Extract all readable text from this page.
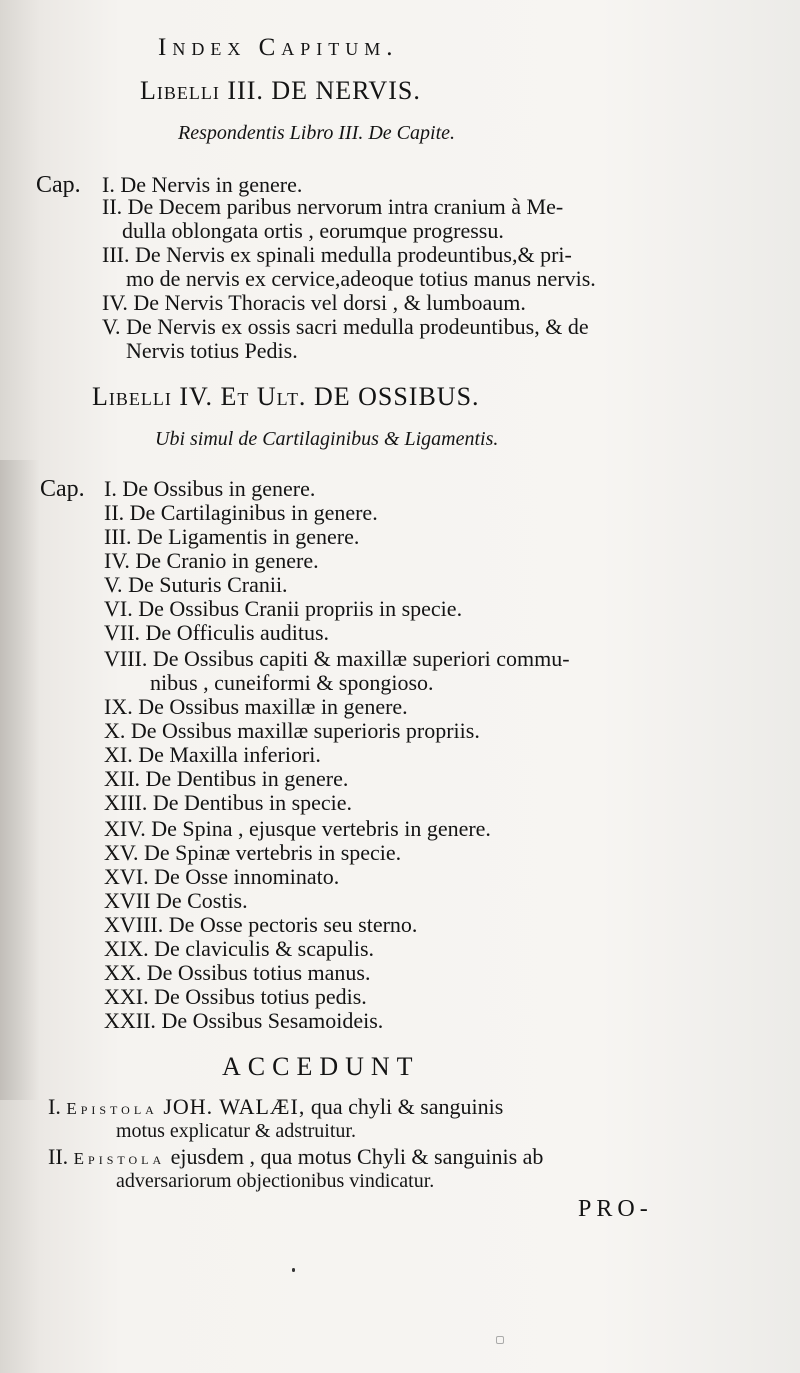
Index Capitum.
Libelli III. DE NERVIS.
Respondentis Libro III. De Capite.
Cap. I. De Nervis in genere.
II. De Decem paribus nervorum intra cranium à Me-
dulla oblongata ortis , eorumque progressu.
III. De Nervis ex spinali medulla prodeuntibus,& pri-
mo de nervis ex cervice,adeoque totius manus nervis.
IV. De Nervis Thoracis vel dorsi , & lumboaum.
V. De Nervis ex ossis sacri medulla prodeuntibus, & de
Nervis totius Pedis.
Libelli IV. Et Ult. DE OSSIBUS.
Ubi simul de Cartilaginibus & Ligamentis.
Cap. I. De Ossibus in genere.
II. De Cartilaginibus in genere.
III. De Ligamentis in genere.
IV. De Cranio in genere.
V. De Suturis Cranii.
VI. De Ossibus Cranii propriis in specie.
VII. De Officulis auditus.
VIII. De Ossibus capiti & maxillæ superiori commu-
nibus , cuneiformi & spongioso.
IX. De Ossibus maxillæ in genere.
X. De Ossibus maxillæ superioris propriis.
XI. De Maxilla inferiori.
XII. De Dentibus in genere.
XIII. De Dentibus in specie.
XIV. De Spina , ejusque vertebris in genere.
XV. De Spinæ vertebris in specie.
XVI. De Osse innominato.
XVII De Costis.
XVIII. De Osse pectoris seu sterno.
XIX. De claviculis & scapulis.
XX. De Ossibus totius manus.
XXI. De Ossibus totius pedis.
XXII. De Ossibus Sesamoideis.
ACCEDUNT
I. Epistola JOH. WALÆI, qua chyli & sanguinis
motus explicatur & adstruitur.
II. Epistola ejusdem , qua motus Chyli & sanguinis ab
adversariorum objectionibus vindicatur.
PRO-
